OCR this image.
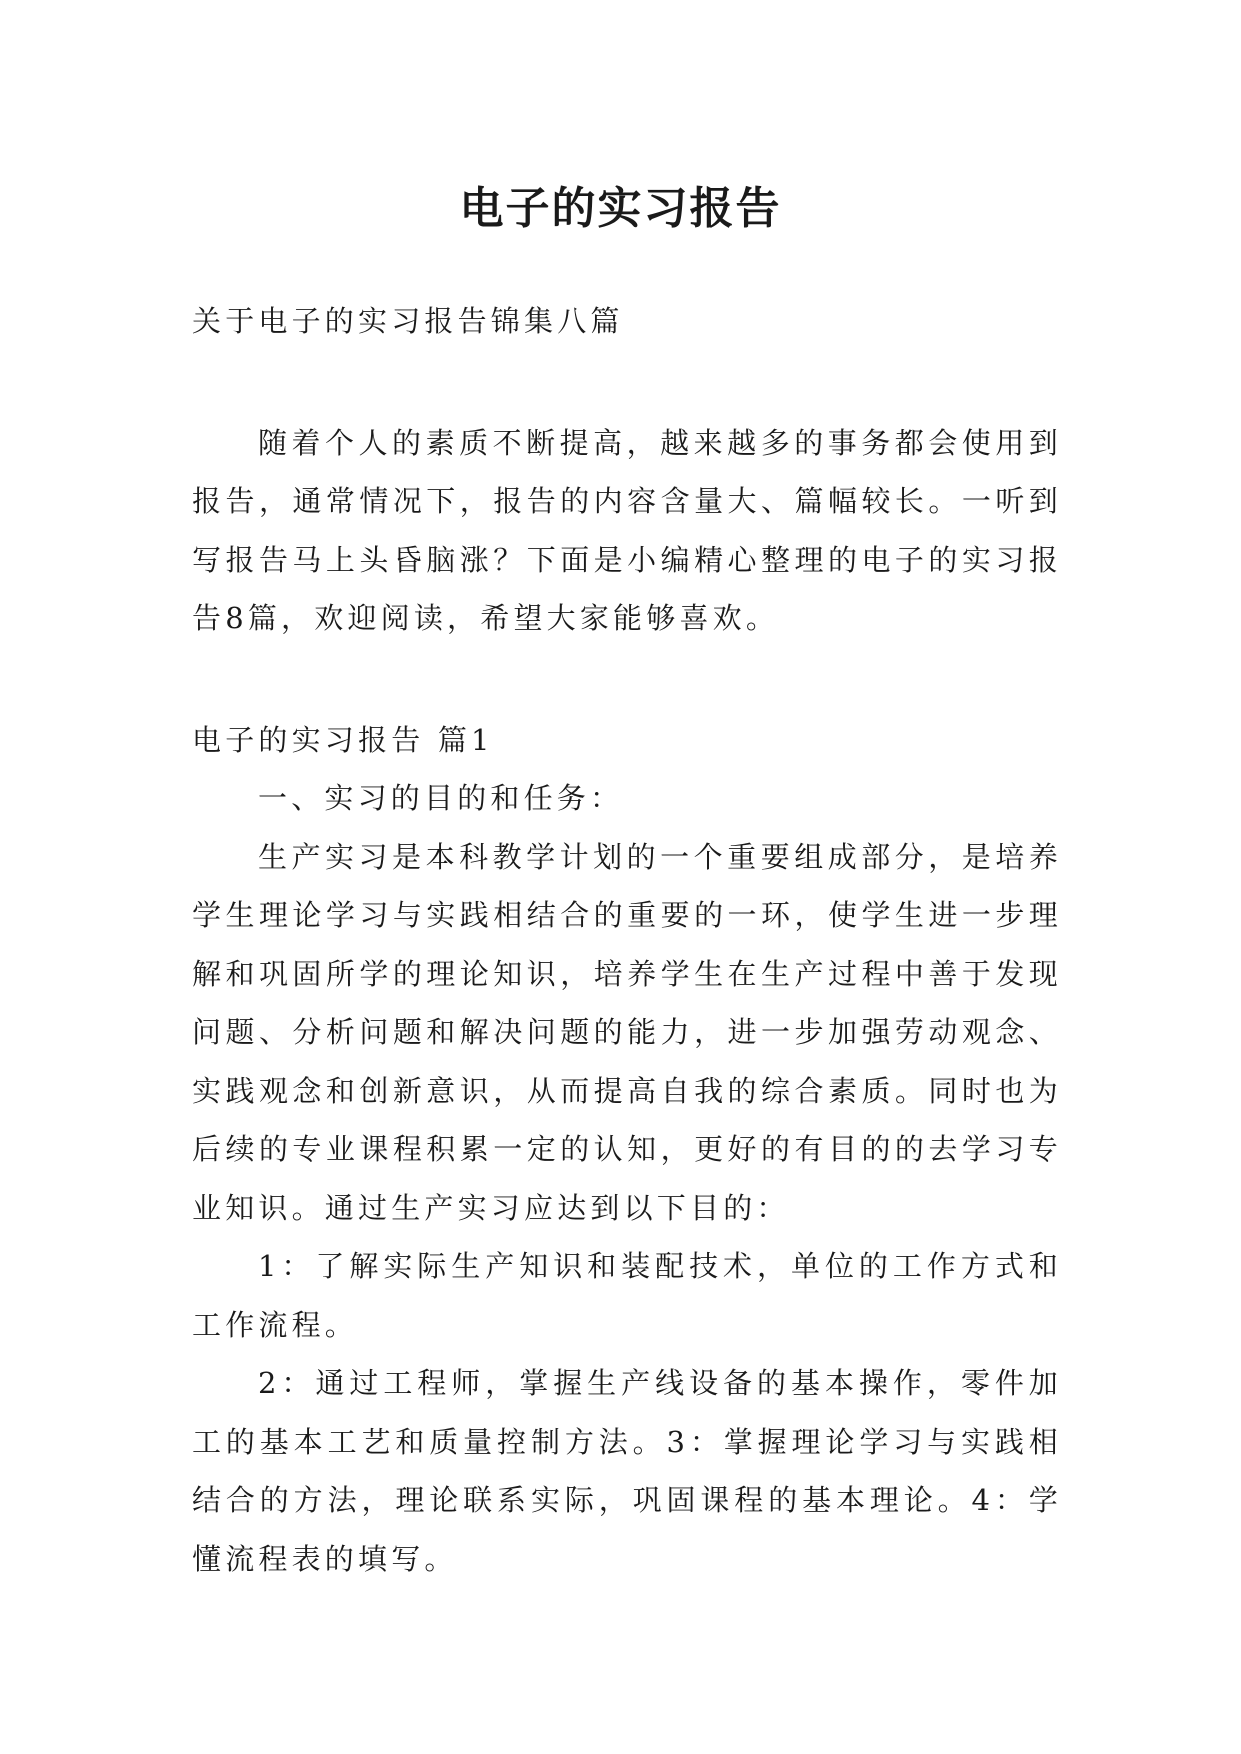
电子的实习报告

关于电子的实习报告锦集八篇

随着个人的素质不断提高，越来越多的事务都会使用到报告，通常情况下，报告的内容含量大、篇幅较长。一听到写报告马上头昏脑涨？下面是小编精心整理的电子的实习报告8篇，欢迎阅读，希望大家能够喜欢。

电子的实习报告 篇1

一、实习的目的和任务：

生产实习是本科教学计划的一个重要组成部分，是培养学生理论学习与实践相结合的重要的一环，使学生进一步理解和巩固所学的理论知识，培养学生在生产过程中善于发现问题、分析问题和解决问题的能力，进一步加强劳动观念、实践观念和创新意识，从而提高自我的综合素质。同时也为后续的专业课程积累一定的认知，更好的有目的的去学习专业知识。通过生产实习应达到以下目的：

1：了解实际生产知识和装配技术，单位的工作方式和工作流程。

2：通过工程师，掌握生产线设备的基本操作，零件加工的基本工艺和质量控制方法。3：掌握理论学习与实践相结合的方法，理论联系实际，巩固课程的基本理论。4：学懂流程表的填写。
